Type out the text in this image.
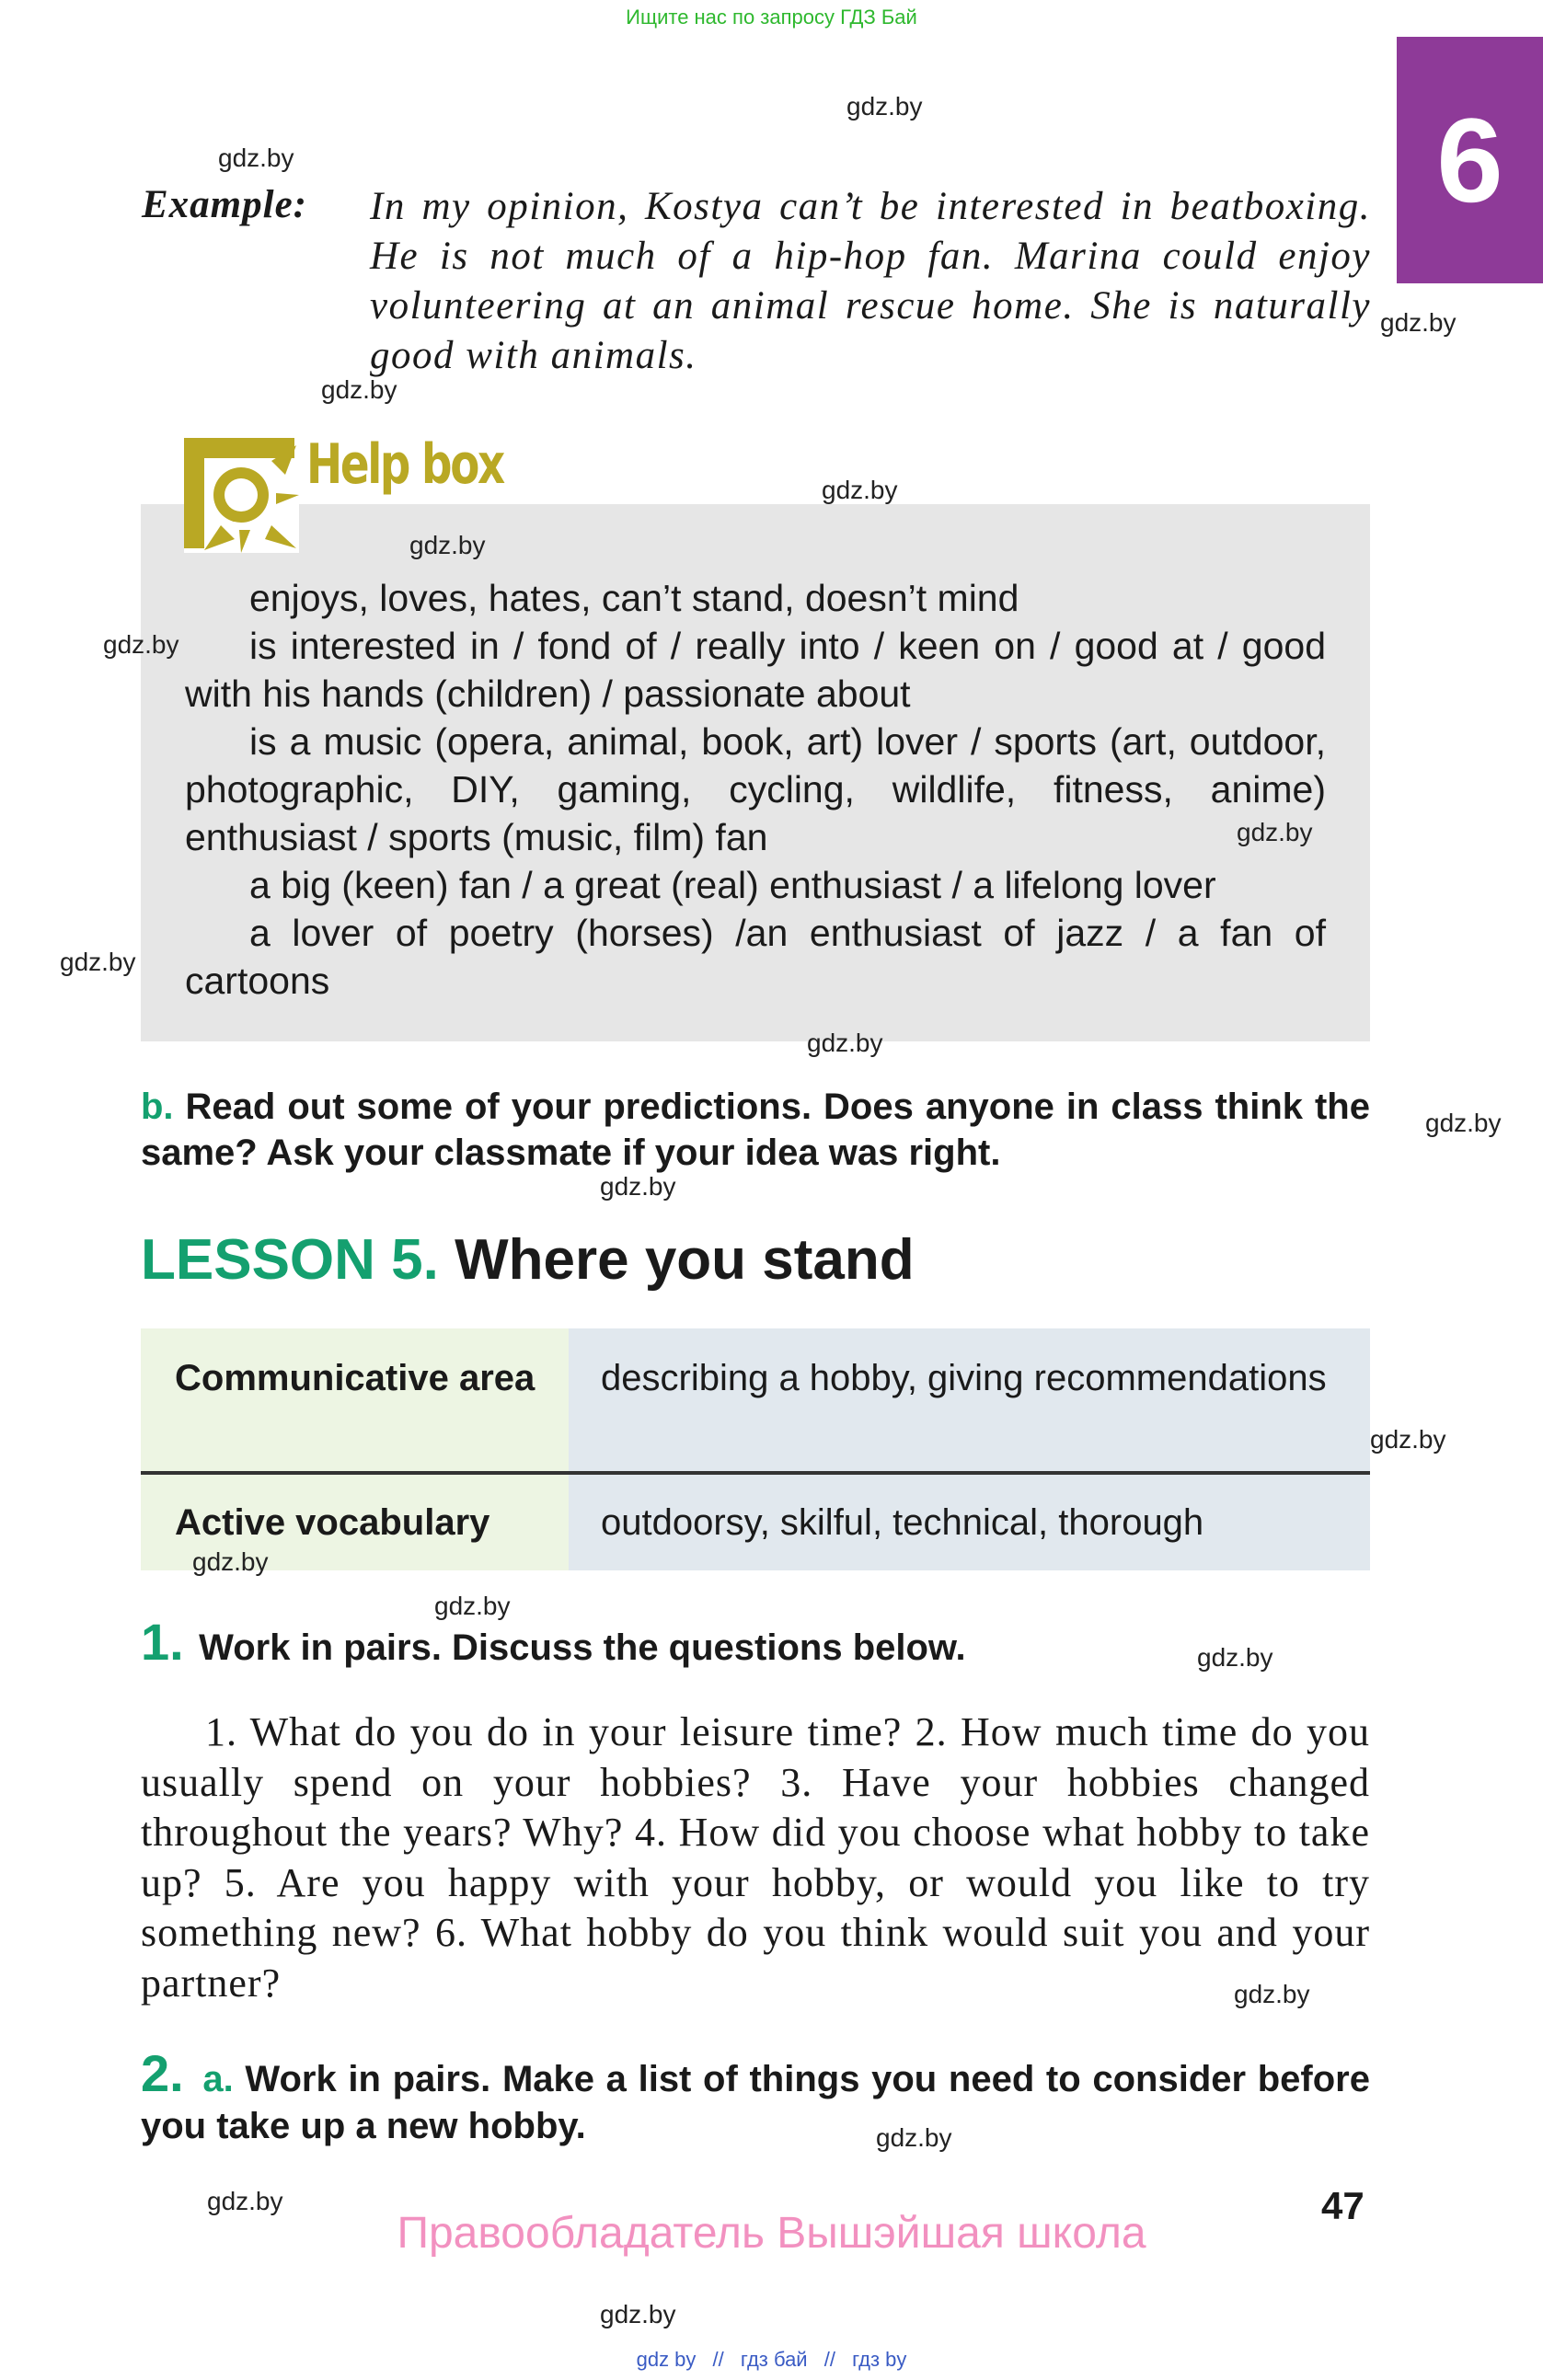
Ищите нас по запросу ГДЗ Бай
6
Example: In my opinion, Kostya can’t be interested in beatboxing. He is not much of a hip-hop fan. Marina could enjoy volunteering at an animal rescue home. She is naturally good with animals.
Help box

enjoys, loves, hates, can’t stand, doesn’t mind

is interested in / fond of / really into / keen on / good at / good with his hands (children) / passionate about

is a music (opera, animal, book, art) lover / sports (art, outdoor, photographic, DIY, gaming, cycling, wildlife, fitness, anime) enthusiast / sports (music, film) fan

a big (keen) fan / a great (real) enthusiast / a lifelong lover

a lover of poetry (horses) /an enthusiast of jazz / a fan of cartoons

b. Read out some of your predictions. Does anyone in class think the same? Ask your classmate if your idea was right.
LESSON 5. Where you stand
Communicative area	describing a hobby, giving recommendations
Active vocabulary	outdoorsy, skilful, technical, thorough
1. Work in pairs. Discuss the questions below.
1. What do you do in your leisure time? 2. How much time do you usually spend on your hobbies? 3. Have your hobbies changed throughout the years? Why? 4. How did you choose what hobby to take up? 5. Are you happy with your hobby, or would you like to try something new? 6. What hobby do you think would suit you and your partner?
2. a. Work in pairs. Make a list of things you need to consider before you take up a new hobby.
47
Правообладатель Вышэйшая школа
gdz.by
gdz.by
gdz.by
gdz.by
gdz.by
gdz.by
gdz.by
gdz.by
gdz.by
gdz.by
gdz.by
gdz.by
gdz.by
gdz.by
gdz.by
gdz.by
gdz.by
gdz.by
gdz.by
gdz.by
gdz by // гдз бай // гдз by
